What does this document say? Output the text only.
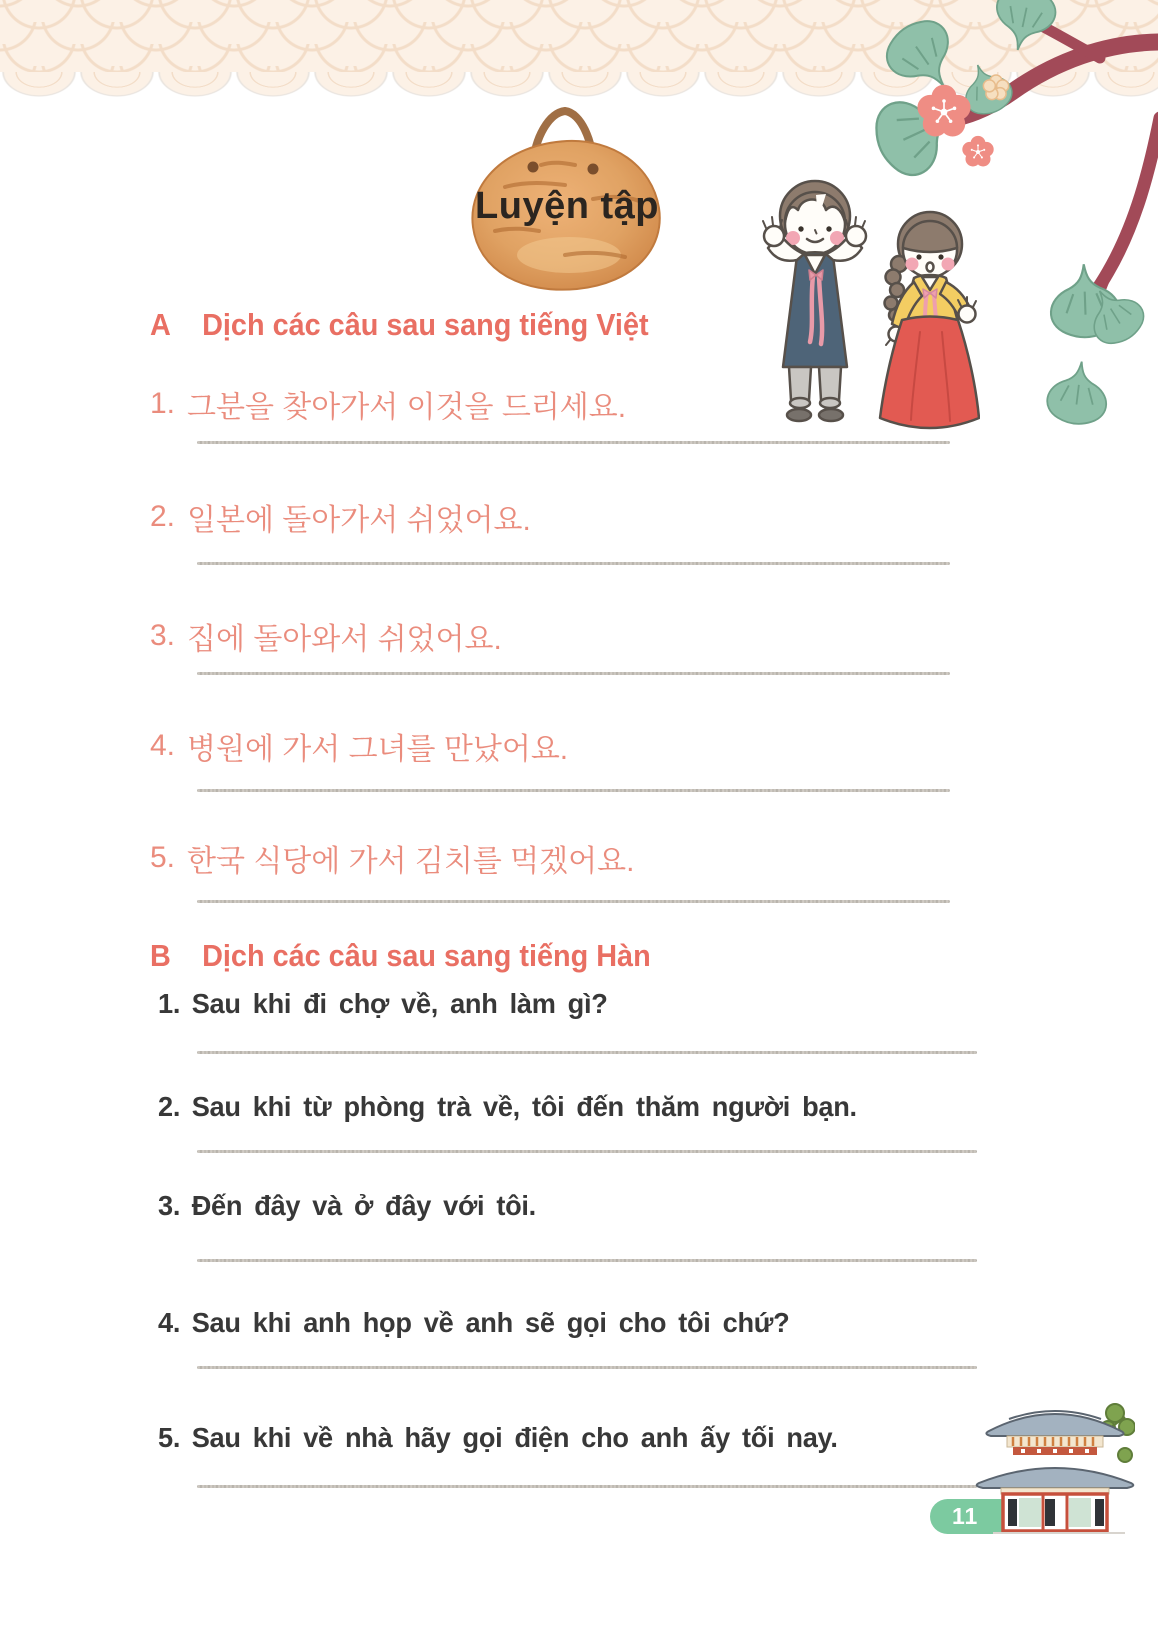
Luyện tập
A	Dịch các câu sau sang tiếng Việt
1. 그분을 찾아가서 이것을 드리세요.
2. 일본에 돌아가서 쉬었어요.
3. 집에 돌아와서 쉬었어요.
4. 병원에 가서 그녀를 만났어요.
5. 한국 식당에 가서 김치를 먹겠어요.
B	Dịch các câu sau sang tiếng Hàn
1. Sau khi đi chợ về, anh làm gì?
2. Sau khi từ phòng trà về, tôi đến thăm người bạn.
3. Đến đây và ở đây với tôi.
4. Sau khi anh họp về anh sẽ gọi cho tôi chứ?
5. Sau khi về nhà hãy gọi điện cho anh ấy tối nay.
11
